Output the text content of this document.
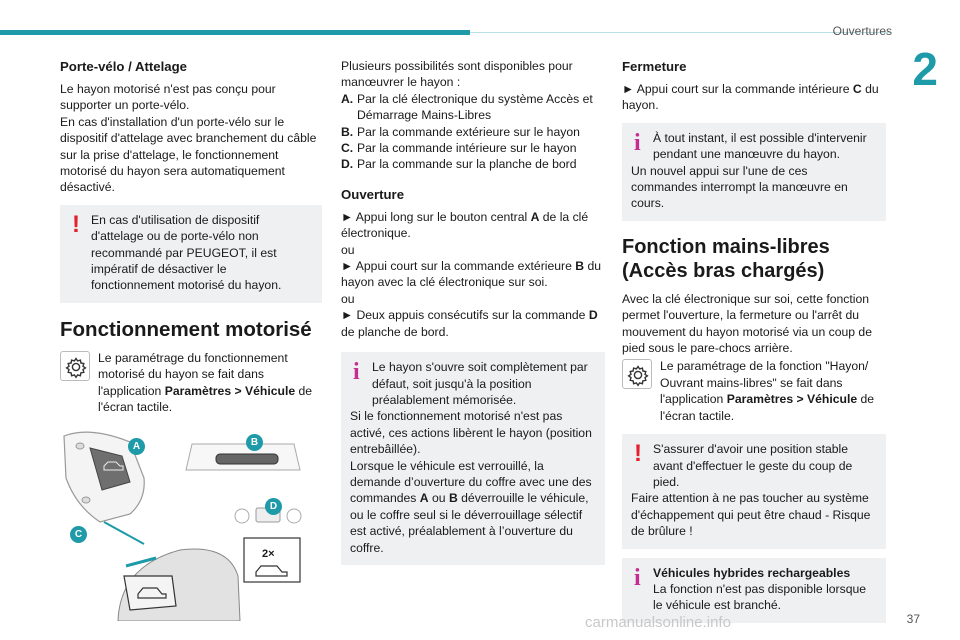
Ouvertures
2
Porte-vélo / Attelage

Le hayon motorisé n'est pas conçu pour supporter un porte-vélo.

En cas d'installation d'un porte-vélo sur le dispositif d'attelage avec branchement du câble sur la prise d'attelage, le fonctionnement motorisé du hayon sera automatiquement désactivé.

! En cas d'utilisation de dispositif d'attelage ou de porte-vélo non recommandé par PEUGEOT, il est impératif de désactiver le fonctionnement motorisé du hayon.

Fonctionnement motorisé

Le paramétrage du fonctionnement motorisé du hayon se fait dans l'application Paramètres > Véhicule de l'écran tactile.

A	B
C
D
2×

Plusieurs possibilités sont disponibles pour manœuvrer le hayon :

A. Par la clé électronique du système Accès et Démarrage Mains-Libres
B. Par la commande extérieure sur le hayon
C. Par la commande intérieure sur le hayon
D. Par la commande sur la planche de bord
Ouverture

► Appui long sur le bouton central A de la clé électronique.

ou

► Appui court sur la commande extérieure B du hayon avec la clé électronique sur soi.

ou

► Deux appuis consécutifs sur la commande D de planche de bord.

i	Le hayon s'ouvre soit complètement par défaut, soit jusqu'à la position préalablement mémorisée.

Si le fonctionnement motorisé n'est pas activé, ces actions libèrent le hayon (position entrebâillée).

Lorsque le véhicule est verrouillé, la demande d’ouverture du coffre avec une des commandes A ou B déverrouille le véhicule, ou le coffre seul si le déverrouillage sélectif est activé, préalablement à l’ouverture du coffre.

Fermeture

► Appui court sur la commande intérieure C du hayon.

i	À tout instant, il est possible d'intervenir pendant une manœuvre du hayon.

Un nouvel appui sur l'une de ces commandes interrompt la manœuvre en cours.

Fonction mains-libres (Accès bras chargés)

Avec la clé électronique sur soi, cette fonction permet l'ouverture, la fermeture ou l'arrêt du mouvement du hayon motorisé via un coup de pied sous le pare-chocs arrière.

Le paramétrage de la fonction "Hayon/ Ouvrant mains-libres" se fait dans l'application Paramètres > Véhicule de l'écran tactile.

! S'assurer d'avoir une position stable avant d'effectuer le geste du coup de pied.

Faire attention à ne pas toucher au système d'échappement qui peut être chaud - Risque de brûlure !

i	Véhicules hybrides rechargeables

La fonction n'est pas disponible lorsque le véhicule est branché.

37
carmanualsonline.info
